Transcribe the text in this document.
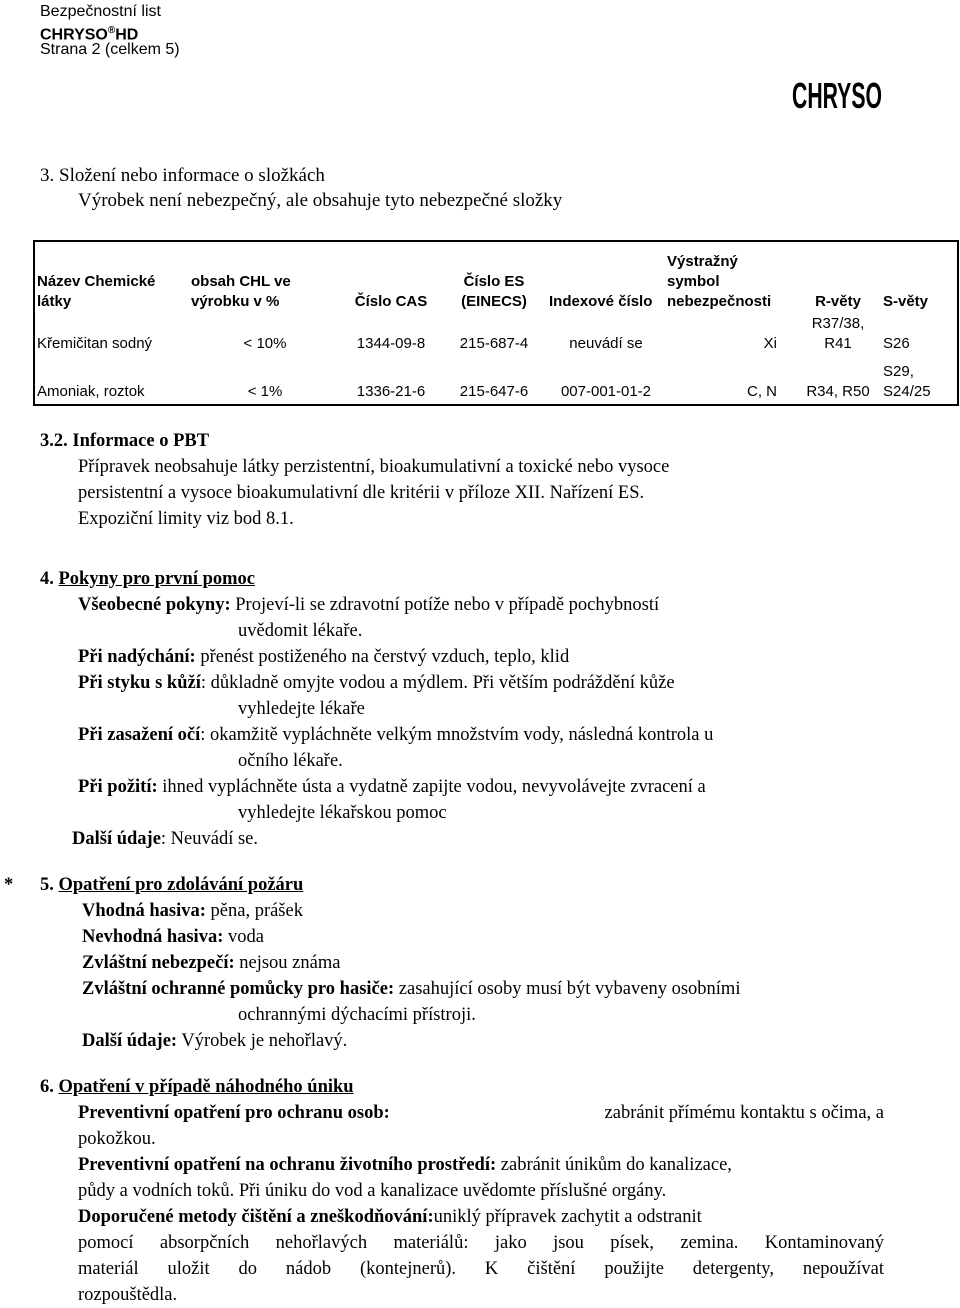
Bezpečnostní list
CHRYSO®HD
Strana 2 (celkem 5)
CHRYSO
3. Složení nebo informace o složkách
Výrobek není nebezpečný, ale obsahuje tyto nebezpečné složky
Název Chemické látky	obsah CHL ve výrobku v %	Číslo CAS	Číslo ES (EINECS)	Indexové číslo	Výstražný symbol nebezpečnosti	R-věty	S-věty
Křemičitan sodný	< 10%	1344-09-8	215-687-4	neuvádí se	Xi	R37/38, R41	S26
Amoniak, roztok	< 1%	1336-21-6	215-647-6	007-001-01-2	C, N	R34, R50	S29, S24/25
3.2. Informace o PBT
Přípravek neobsahuje látky perzistentní, bioakumulativní a toxické nebo vysoce
persistentní a vysoce bioakumulativní dle kritérii v příloze XII. Nařízení ES.
Expoziční limity viz bod 8.1.
4. Pokyny pro první pomoc
Všeobecné pokyny: Projeví-li se zdravotní potíže nebo v případě pochybností
uvědomit lékaře.
Při nadýchání: přenést postiženého na čerstvý vzduch, teplo, klid
Při styku s kůží: důkladně omyjte vodou a mýdlem. Při větším podráždění kůže
vyhledejte lékaře
Při zasažení očí: okamžitě vypláchněte velkým množstvím vody, následná kontrola u
očního lékaře.
Při požití: ihned vypláchněte ústa a vydatně zapijte vodou, nevyvolávejte zvracení a
vyhledejte lékařskou pomoc
Další údaje: Neuvádí se.
* 5. Opatření pro zdolávání požáru
Vhodná hasiva: pěna, prášek
Nevhodná hasiva: voda
Zvláštní nebezpečí: nejsou známa
Zvláštní ochranné pomůcky pro hasiče: zasahující osoby musí být vybaveny osobními
ochrannými dýchacími přístroji.
Další údaje: Výrobek je nehořlavý.
6. Opatření v případě náhodného úniku
Preventivní opatření pro ochranu osob:	zabránit přímému kontaktu s očima, a
pokožkou.
Preventivní opatření na ochranu životního prostředí: zabránit únikům do kanalizace,
půdy a vodních toků. Při úniku do vod a kanalizace uvědomte příslušné orgány.
Doporučené metody čištění a zneškodňování:uniklý přípravek zachytit a odstranit
pomocí absorpčních nehořlavých materiálů: jako jsou písek, zemina. Kontaminovaný
materiál uložit do nádob (kontejnerů). K čištění použijte detergenty, nepoužívat
rozpouštědla.
